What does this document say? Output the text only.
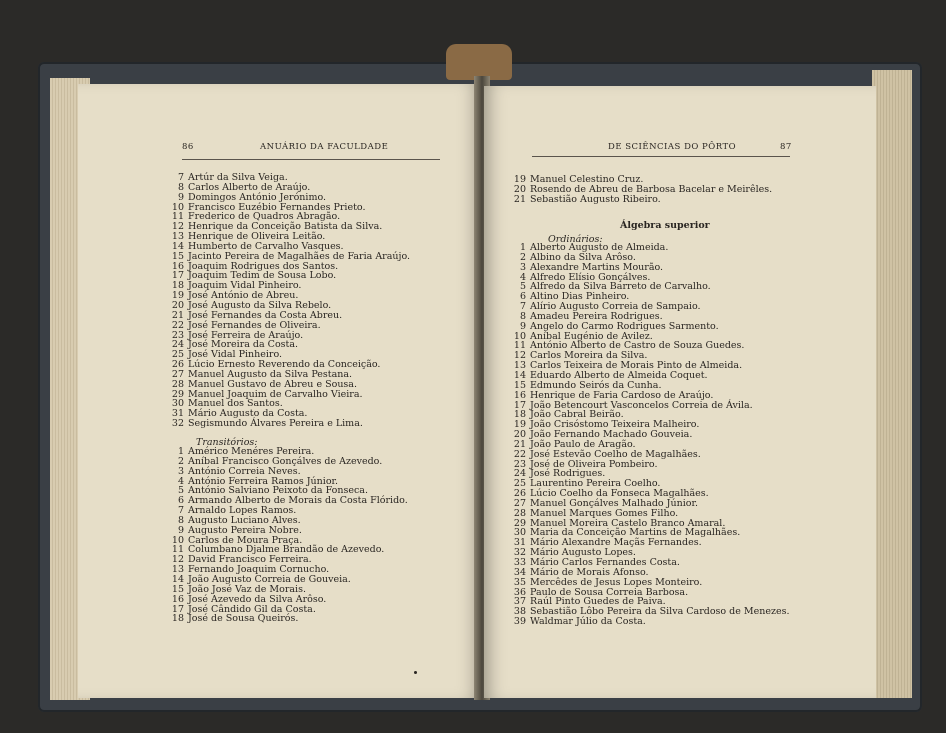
86	ANUÁRIO DA FACULDADE
7 Artúr da Silva Veiga.
8 Carlos Alberto de Araújo.
9 Domingos António Jerónimo.
10 Francisco Euzébio Fernandes Prieto.
11 Frederico de Quadros Abragão.
12 Henrique da Conceição Batista da Silva.
13 Henrique de Oliveira Leitão.
14 Humberto de Carvalho Vasques.
15 Jacinto Pereira de Magalhães de Faria Araújo.
16 Joaquim Rodrigues dos Santos.
17 Joaquim Tedim de Sousa Lobo.
18 Joaquim Vidal Pinheiro.
19 José António de Abreu.
20 José Augusto da Silva Rebelo.
21 José Fernandes da Costa Abreu.
22 José Fernandes de Oliveira.
23 José Ferreira de Araújo.
24 José Moreira da Costa.
25 José Vidal Pinheiro.
26 Lúcio Ernesto Reverendo da Conceição.
27 Manuel Augusto da Silva Pestana.
28 Manuel Gustavo de Abreu e Sousa.
29 Manuel Joaquim de Carvalho Vieira.
30 Manuel dos Santos.
31 Mário Augusto da Costa.
32 Segismundo Álvares Pereira e Lima.
Transitórios:
1 Américo Menéres Pereira.
2 Aníbal Francisco Gonçálves de Azevedo.
3 António Correia Neves.
4 António Ferreira Ramos Júnior.
5 António Salviano Peixoto da Fonseca.
6 Armando Alberto de Morais da Costa Flórido.
7 Arnaldo Lopes Ramos.
8 Augusto Luciano Alves.
9 Augusto Pereira Nobre.
10 Carlos de Moura Praça.
11 Columbano Djalme Brandão de Azevedo.
12 David Francisco Ferreira.
13 Fernando Joaquim Cornucho.
14 João Augusto Correia de Gouveia.
15 João José Vaz de Morais.
16 José Azevedo da Silva Arôso.
17 José Cândido Gil da Costa.
18 José de Sousa Queirós.
DE SCIÊNCIAS DO PÔRTO	87
19 Manuel Celestino Cruz.
20 Rosendo de Abreu de Barbosa Bacelar e Meirêles.
21 Sebastião Augusto Ribeiro.
Álgebra superior
Ordinários:
1 Alberto Augusto de Almeida.
2 Albino da Silva Arôso.
3 Alexandre Martins Mourão.
4 Alfredo Elísio Gonçálves.
5 Alfredo da Silva Barreto de Carvalho.
6 Altino Dias Pinheiro.
7 Alírio Augusto Correia de Sampaio.
8 Amadeu Pereira Rodrigues.
9 Angelo do Carmo Rodrigues Sarmento.
10 Aníbal Eugénio de Avilez.
11 António Alberto de Castro de Souza Guedes.
12 Carlos Moreira da Silva.
13 Carlos Teixeira de Morais Pinto de Almeida.
14 Eduardo Alberto de Almeida Coquet.
15 Edmundo Seirós da Cunha.
16 Henrique de Faria Cardoso de Araújo.
17 João Betencourt Vasconcelos Correia de Ávila.
18 João Cabral Beirão.
19 João Crisóstomo Teixeira Malheiro.
20 João Fernando Machado Gouveia.
21 João Paulo de Aragão.
22 José Estevão Coelho de Magalhães.
23 José de Oliveira Pombeiro.
24 José Rodrigues.
25 Laurentino Pereira Coelho.
26 Lúcio Coelho da Fonseca Magalhães.
27 Manuel Gonçálves Malhado Júnior.
28 Manuel Marques Gomes Filho.
29 Manuel Moreira Castelo Branco Amaral.
30 Maria da Conceição Martins de Magalhães.
31 Mário Alexandre Maçãs Fernandes.
32 Mário Augusto Lopes.
33 Mário Carlos Fernandes Costa.
34 Mário de Morais Afonso.
35 Mercêdes de Jesus Lopes Monteiro.
36 Paulo de Sousa Correia Barbosa.
37 Raúl Pinto Guedes de Paiva.
38 Sebastião Lôbo Pereira da Silva Cardoso de Menezes.
39 Waldmar Júlio da Costa.
